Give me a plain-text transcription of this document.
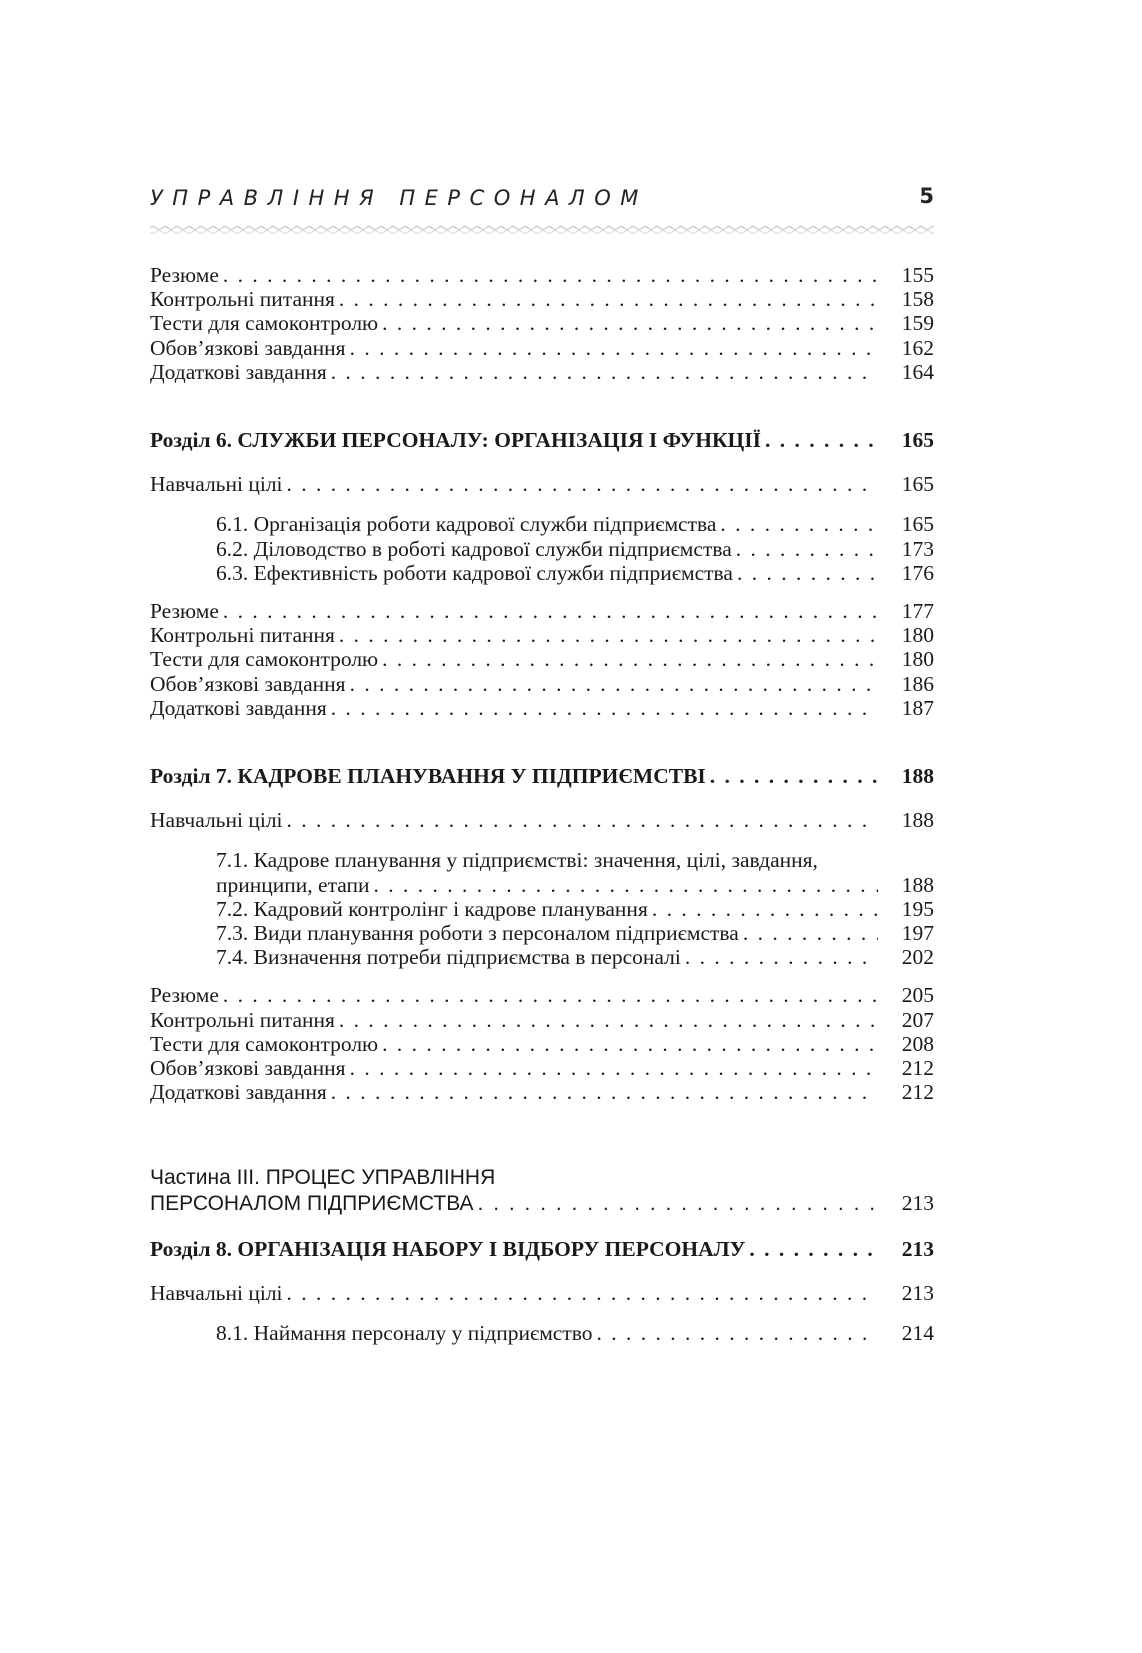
УПРАВЛІННЯ ПЕРСОНАЛОМ	5
Резюме . . .	155
Контрольні питання . . .	158
Тести для самоконтролю . . .	159
Обов’язкові завдання . . .	162
Додаткові завдання . . .	164
Розділ 6. СЛУЖБИ ПЕРСОНАЛУ: ОРГАНІЗАЦІЯ І ФУНКЦІЇ . . .	165
Навчальні цілі . . .	165
6.1. Організація роботи кадрової служби підприємства . . .	165
6.2. Діловодство в роботі кадрової служби підприємства . . .	173
6.3. Ефективність роботи кадрової служби підприємства . . .	176
Резюме . . .	177
Контрольні питання . . .	180
Тести для самоконтролю . . .	180
Обов’язкові завдання . . .	186
Додаткові завдання . . .	187
Розділ 7. КАДРОВЕ ПЛАНУВАННЯ У ПІДПРИЄМСТВІ . . .	188
Навчальні цілі . . .	188
7.1. Кадрове планування у підприємстві: значення, цілі, завдання,
принципи, етапи . . .	188
7.2. Кадровий контролінг і кадрове планування . . .	195
7.3. Види планування роботи з персоналом підприємства . . .	197
7.4. Визначення потреби підприємства в персоналі . . .	202
Резюме . . .	205
Контрольні питання . . .	207
Тести для самоконтролю . . .	208
Обов’язкові завдання . . .	212
Додаткові завдання . . .	212
Частина ІІІ. ПРОЦЕС УПРАВЛІННЯ
ПЕРСОНАЛОМ ПІДПРИЄМСТВА . . .	213
Розділ 8. ОРГАНІЗАЦІЯ НАБОРУ І ВІДБОРУ ПЕРСОНАЛУ . . .	213
Навчальні цілі . . .	213
8.1. Наймання персоналу у підприємство . . .	214
